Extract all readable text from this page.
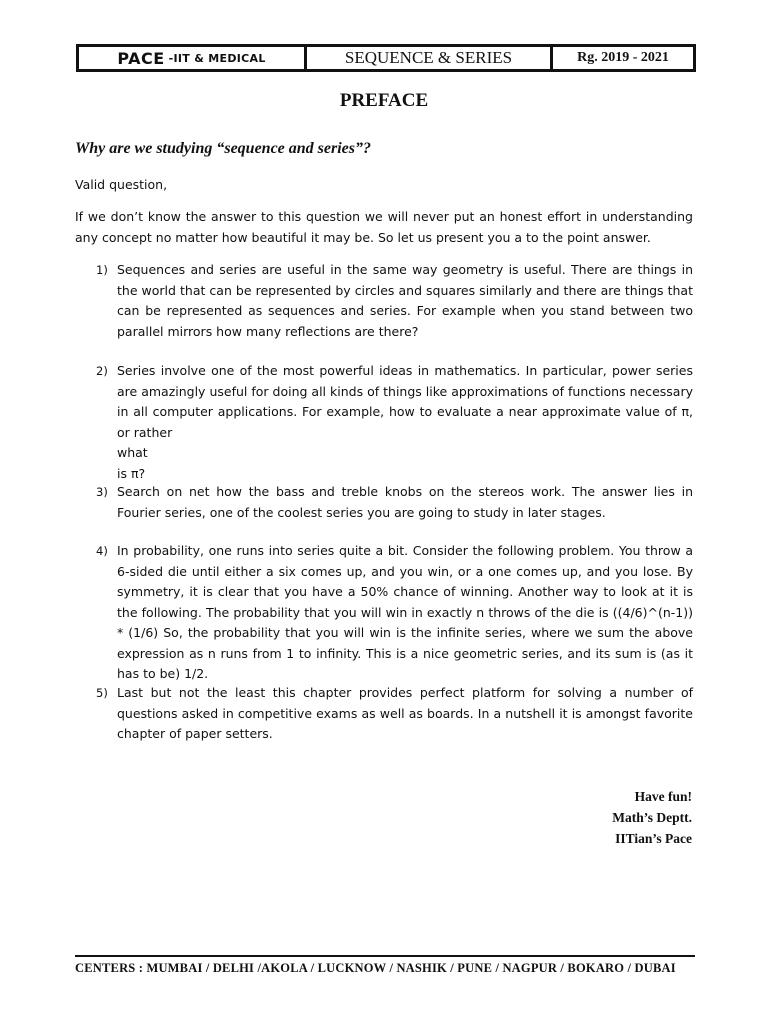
PACE -IIT & MEDICAL	SEQUENCE & SERIES	Rg. 2019 - 2021
PREFACE
Why are we studying “sequence and series”?
Valid question,
If we don’t know the answer to this question we will never put an honest effort in understanding any concept no matter how beautiful it may be. So let us present you a to the point answer.
1) Sequences and series are useful in the same way geometry is useful. There are things in the world that can be represented by circles and squares similarly and there are things that can be represented as sequences and series. For example when you stand between two parallel mirrors how many reflections are there?
2) Series involve one of the most powerful ideas in mathematics. In particular, power series are amazingly useful for doing all kinds of things like approximations of functions necessary in all computer applications. For example, how to evaluate a near approximate value of π, or rather
what
is π?
3) Search on net how the bass and treble knobs on the stereos work. The answer lies in Fourier series, one of the coolest series you are going to study in later stages.
4) In probability, one runs into series quite a bit. Consider the following problem. You throw a 6-sided die until either a six comes up, and you win, or a one comes up, and you lose. By symmetry, it is clear that you have a 50% chance of winning. Another way to look at it is the following. The probability that you will win in exactly n throws of the die is ((4/6)^(n-1)) * (1/6) So, the probability that you will win is the infinite series, where we sum the above expression as n runs from 1 to infinity. This is a nice geometric series, and its sum is (as it has to be) 1/2.
5) Last but not the least this chapter provides perfect platform for solving a number of questions asked in competitive exams as well as boards. In a nutshell it is amongst favorite chapter of paper setters.
Have fun!
Math’s Deptt.
IITian’s Pace
CENTERS : MUMBAI / DELHI /AKOLA / LUCKNOW / NASHIK / PUNE / NAGPUR / BOKARO / DUBAI
